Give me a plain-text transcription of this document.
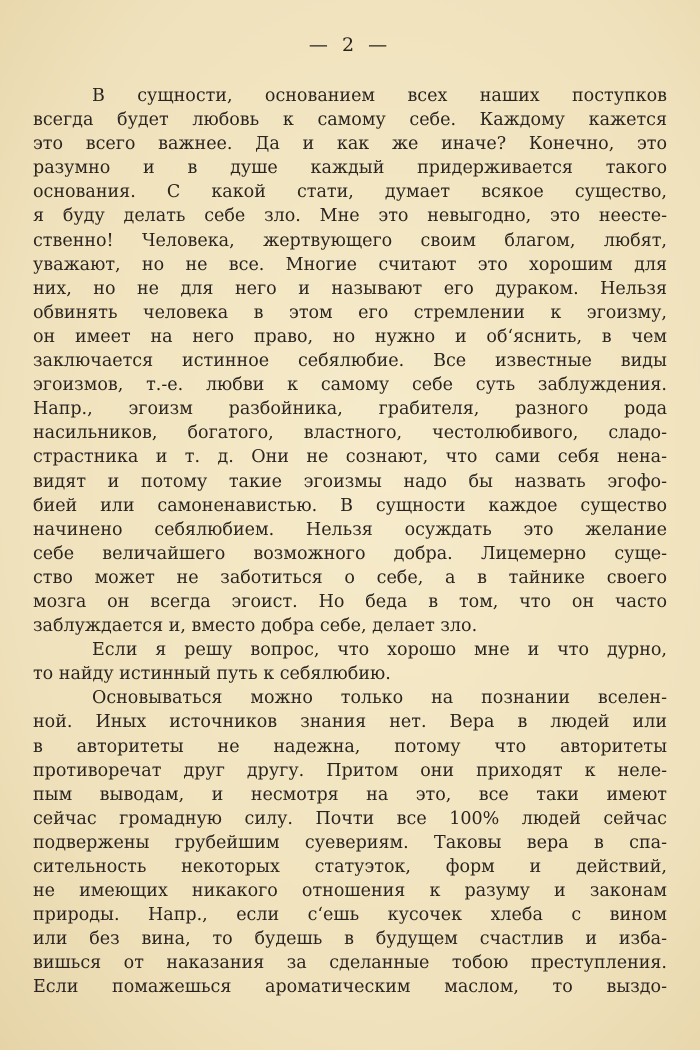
— 2 —
В сущности, основанием всех наших поступков
всегда будет любовь к самому себе. Каждому кажется
это всего важнее. Да и как же иначе? Конечно, это
разумно и в душе каждый придерживается такого
основания. С какой стати, думает всякое существо,
я буду делать себе зло. Мне это невыгодно, это неесте-
ственно! Человека, жертвующего своим благом, любят,
уважают, но не все. Многие считают это хорошим для
них, но не для него и называют его дураком. Нельзя
обвинять человека в этом его стремлении к эгоизму,
он имеет на него право, но нужно и об‘яснить, в чем
заключается истинное себялюбие. Все известные виды
эгоизмов, т.-е. любви к самому себе суть заблуждения.
Напр., эгоизм разбойника, грабителя, разного рода
насильников, богатого, властного, честолюбивого, сладо-
страстника и т. д. Они не сознают, что сами себя нена-
видят и потому такие эгоизмы надо бы назвать эгофо-
бией или самоненавистью. В сущности каждое существо
начинено себялюбием. Нельзя осуждать это желание
себе величайшего возможного добра. Лицемерно суще-
ство может не заботиться о себе, а в тайнике своего
мозга он всегда эгоист. Но беда в том, что он часто
заблуждается и, вместо добра себе, делает зло.
Если я решу вопрос, что хорошо мне и что дурно,
то найду истинный путь к себялюбию.
Основываться можно только на познании вселен-
ной. Иных источников знания нет. Вера в людей или
в авторитеты не надежна, потому что авторитеты
противоречат друг другу. Притом они приходят к неле-
пым выводам, и несмотря на это, все таки имеют
сейчас громадную силу. Почти все 100% людей сейчас
подвержены грубейшим суевериям. Таковы вера в спа-
сительность некоторых статуэток, форм и действий,
не имеющих никакого отношения к разуму и законам
природы. Напр., если с‘ешь кусочек хлеба с вином
или без вина, то будешь в будущем счастлив и изба-
вишься от наказания за сделанные тобою преступления.
Если помажешься ароматическим маслом, то выздо-
